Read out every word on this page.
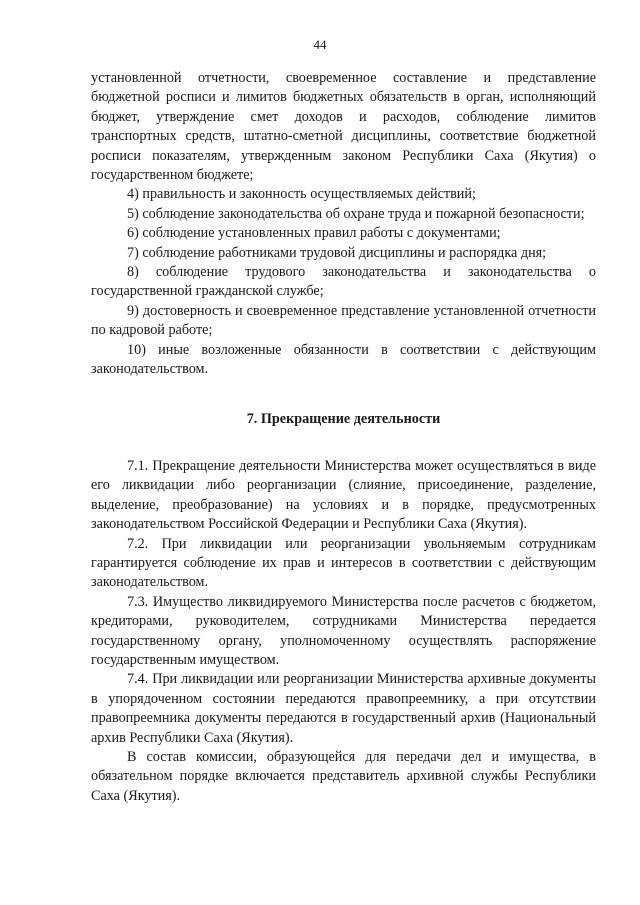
44

установленной отчетности, своевременное составление и представление бюджетной росписи и лимитов бюджетных обязательств в орган, исполняющий бюджет, утверждение смет доходов и расходов, соблюдение лимитов транспортных средств, штатно-сметной дисциплины, соответствие бюджетной росписи показателям, утвержденным законом Республики Саха (Якутия) о государственном бюджете;

4) правильность и законность осуществляемых действий;

5) соблюдение законодательства об охране труда и пожарной безопасности;

6) соблюдение установленных правил работы с документами;

7) соблюдение работниками трудовой дисциплины и распорядка дня;

8) соблюдение трудового законодательства и законодательства о государственной гражданской службе;

9) достоверность и своевременное представление установленной отчетности по кадровой работе;

10) иные возложенные обязанности в соответствии с действующим законодательством.

7. Прекращение деятельности

7.1. Прекращение деятельности Министерства может осуществляться в виде его ликвидации либо реорганизации (слияние, присоединение, разделение, выделение, преобразование) на условиях и в порядке, предусмотренных законодательством Российской Федерации и Республики Саха (Якутия).

7.2. При ликвидации или реорганизации увольняемым сотрудникам гарантируется соблюдение их прав и интересов в соответствии с действующим законодательством.

7.3. Имущество ликвидируемого Министерства после расчетов с бюджетом, кредиторами, руководителем, сотрудниками Министерства передается государственному органу, уполномоченному осуществлять распоряжение государственным имуществом.

7.4. При ликвидации или реорганизации Министерства архивные документы в упорядоченном состоянии передаются правопреемнику, а при отсутствии правопреемника документы передаются в государственный архив (Национальный архив Республики Саха (Якутия).

В состав комиссии, образующейся для передачи дел и имущества, в обязательном порядке включается представитель архивной службы Республики Саха (Якутия).
